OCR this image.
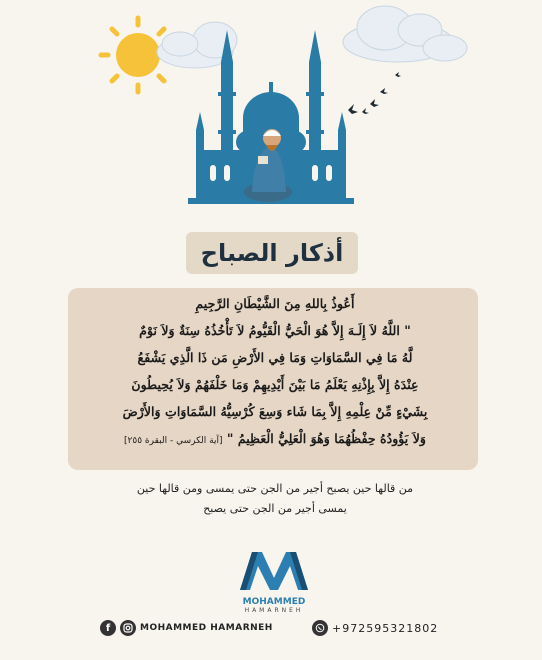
أذكار الصباح
أَعُوذُ بِاللهِ مِنَ الشَّيْطَانِ الرَّجِيمِ
" اللَّهُ لاَ إِلَـهَ إِلاَّ هُوَ الْحَيُّ الْقَيُّومُ لاَ تَأْخُذُهُ سِنَةٌ وَلاَ نَوْمٌ
لَّهُ مَا فِي السَّمَاوَاتِ وَمَا فِي الأَرْضِ مَن ذَا الَّذِي يَشْفَعُ
عِنْدَهُ إِلاَّ بِإِذْنِهِ يَعْلَمُ مَا بَيْنَ أَيْدِيهِمْ وَمَا خَلْفَهُمْ وَلاَ يُحِيطُونَ
بِشَيْءٍ مِّنْ عِلْمِهِ إِلاَّ بِمَا شَاء وَسِعَ كُرْسِيُّهُ السَّمَاوَاتِ وَالأَرْضَ
وَلاَ يَؤُودُهُ حِفْظُهُمَا وَهُوَ الْعَلِيُّ الْعَظِيمُ " [آية الكرسي - البقرة ٢٥٥]
من قالها حين يصبح أجير من الجن حتى يمسى ومن قالها حين
يمسى أجير من الجن حتى يصبح
MOHAMMED
HAMARNEH
f	MOHAMMED HAMARNEH	+972595321802
